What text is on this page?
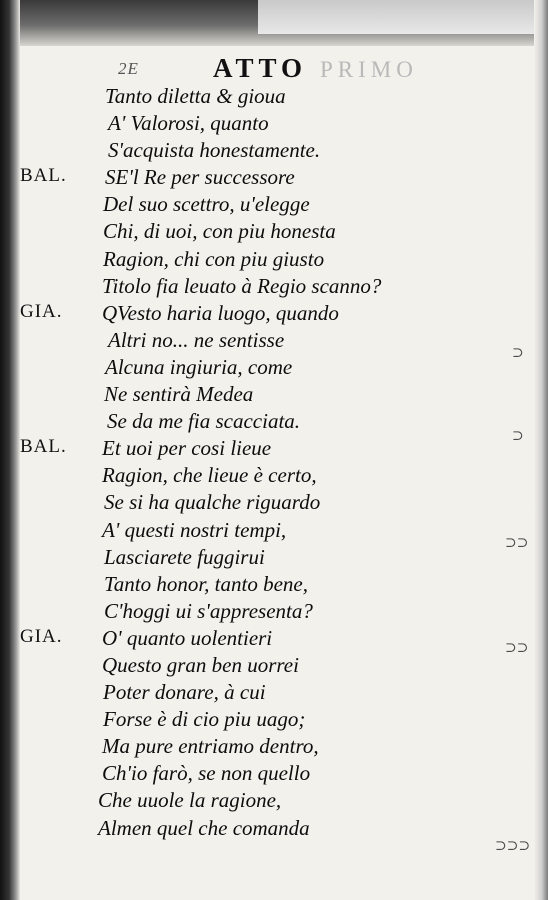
2E	ATTO PRIMO
⊃
⊃
⊃⊃
⊃⊃
⊃⊃⊃
Tanto diletta & gioua
A' Valorosi, quanto
S'acquista honestamente.
BAL. SE'l Re per successore
Del suo scettro, u'elegge
Chi, di uoi, con piu honesta
Ragion, chi con piu giusto
Titolo fia leuato à Regio scanno?
GIA. QVesto haria luogo, quando
Altri no... ne sentisse
Alcuna ingiuria, come
Ne sentirà Medea
Se da me fia scacciata.
BAL. Et uoi per cosi lieue
Ragion, che lieue è certo,
Se si ha qualche riguardo
A' questi nostri tempi,
Lasciarete fuggirui
Tanto honor, tanto bene,
C'hoggi ui s'appresenta?
GIA. O' quanto uolentieri
Questo gran ben uorrei
Poter donare, à cui
Forse è di cio piu uago;
Ma pure entriamo dentro,
Ch'io farò, se non quello
Che uuole la ragione,
Almen quel che comanda
